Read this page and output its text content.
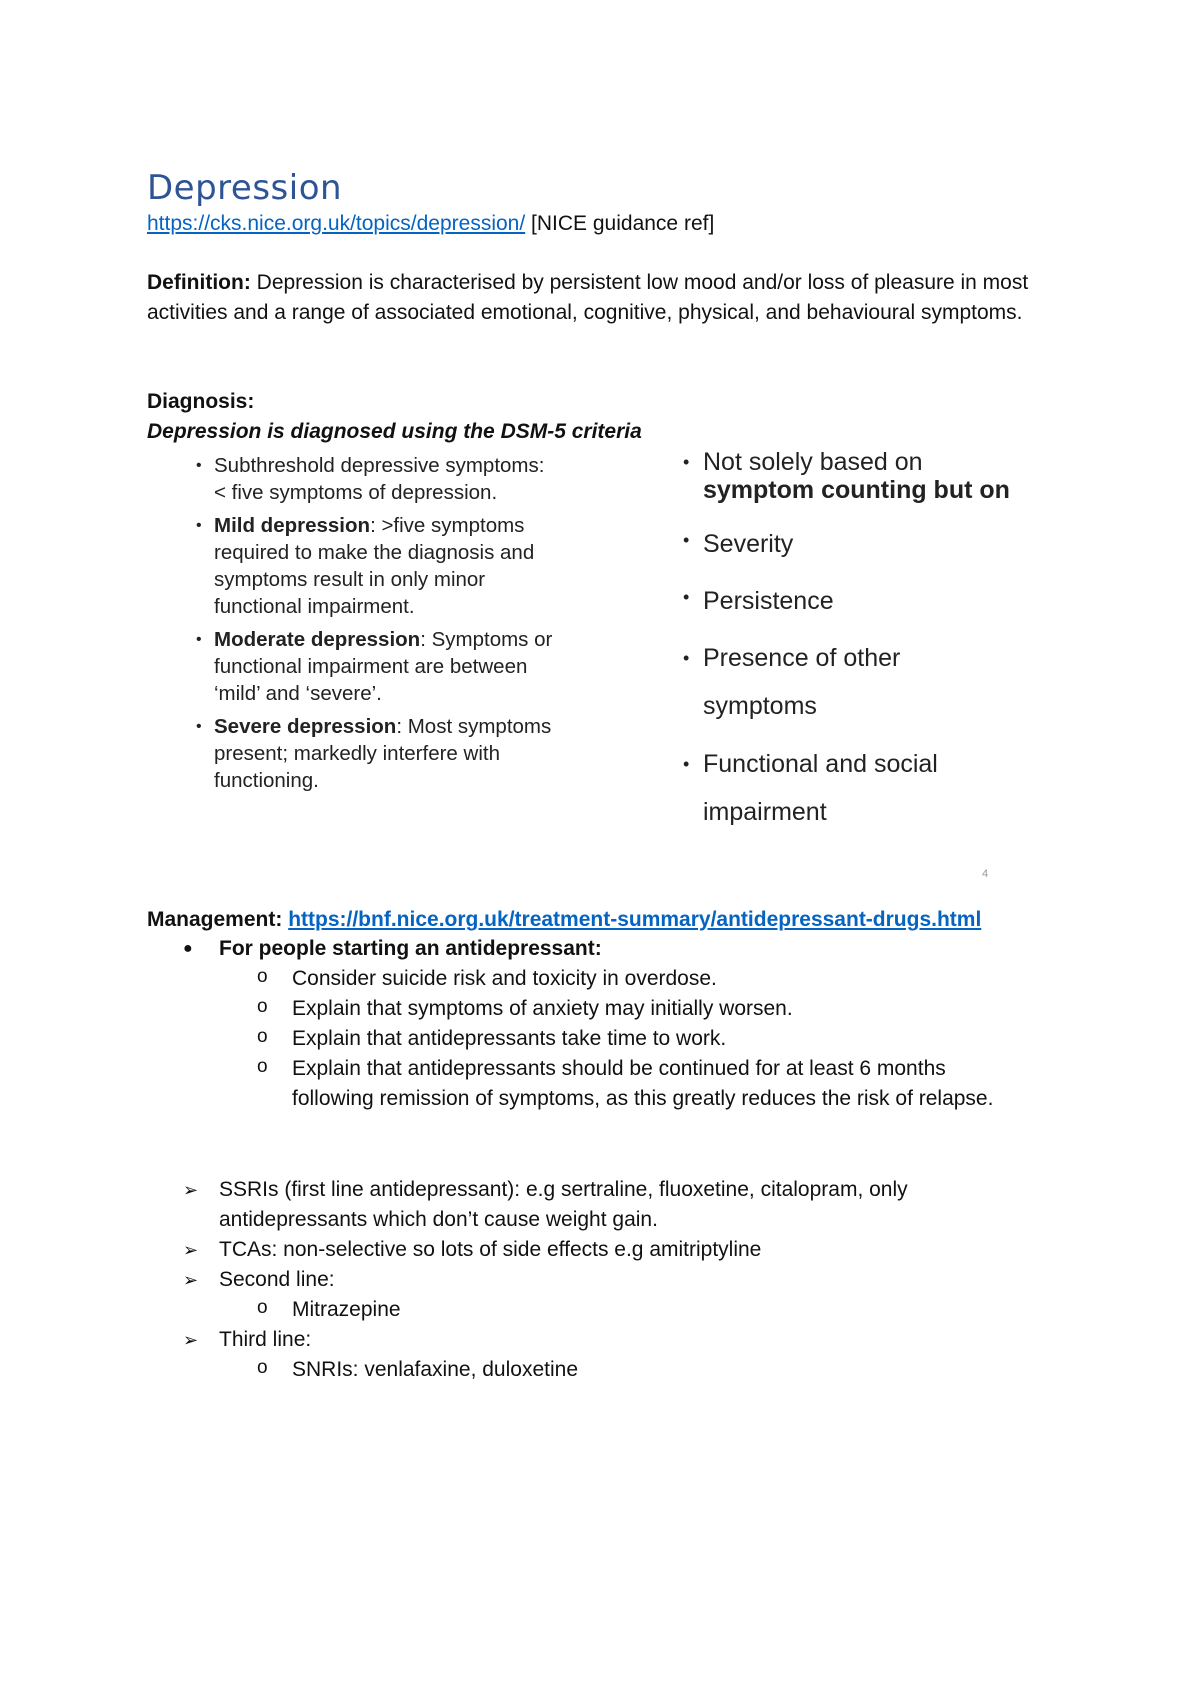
Depression
https://cks.nice.org.uk/topics/depression/ [NICE guidance ref]
Definition: Depression is characterised by persistent low mood and/or loss of pleasure in most activities and a range of associated emotional, cognitive, physical, and behavioural symptoms.
Diagnosis:
Depression is diagnosed using the DSM-5 criteria
• Subthreshold depressive symptoms: < five symptoms of depression.
• Mild depression: >five symptoms required to make the diagnosis and symptoms result in only minor functional impairment.
• Moderate depression: Symptoms or functional impairment are between ‘mild’ and ‘severe’.
• Severe depression: Most symptoms present; markedly interfere with functioning.
• Not solely based on
symptom counting but on
• Severity
• Persistence
• Presence of other symptoms
• Functional and social impairment
4
Management: https://bnf.nice.org.uk/treatment-summary/antidepressant-drugs.html
● For people starting an antidepressant:
o Consider suicide risk and toxicity in overdose.
o Explain that symptoms of anxiety may initially worsen.
o Explain that antidepressants take time to work.
o Explain that antidepressants should be continued for at least 6 months following remission of symptoms, as this greatly reduces the risk of relapse.
➢ SSRIs (first line antidepressant): e.g sertraline, fluoxetine, citalopram, only antidepressants which don’t cause weight gain.
➢ TCAs: non-selective so lots of side effects e.g amitriptyline
➢ Second line:
o Mitrazepine
➢ Third line:
o SNRIs: venlafaxine, duloxetine
